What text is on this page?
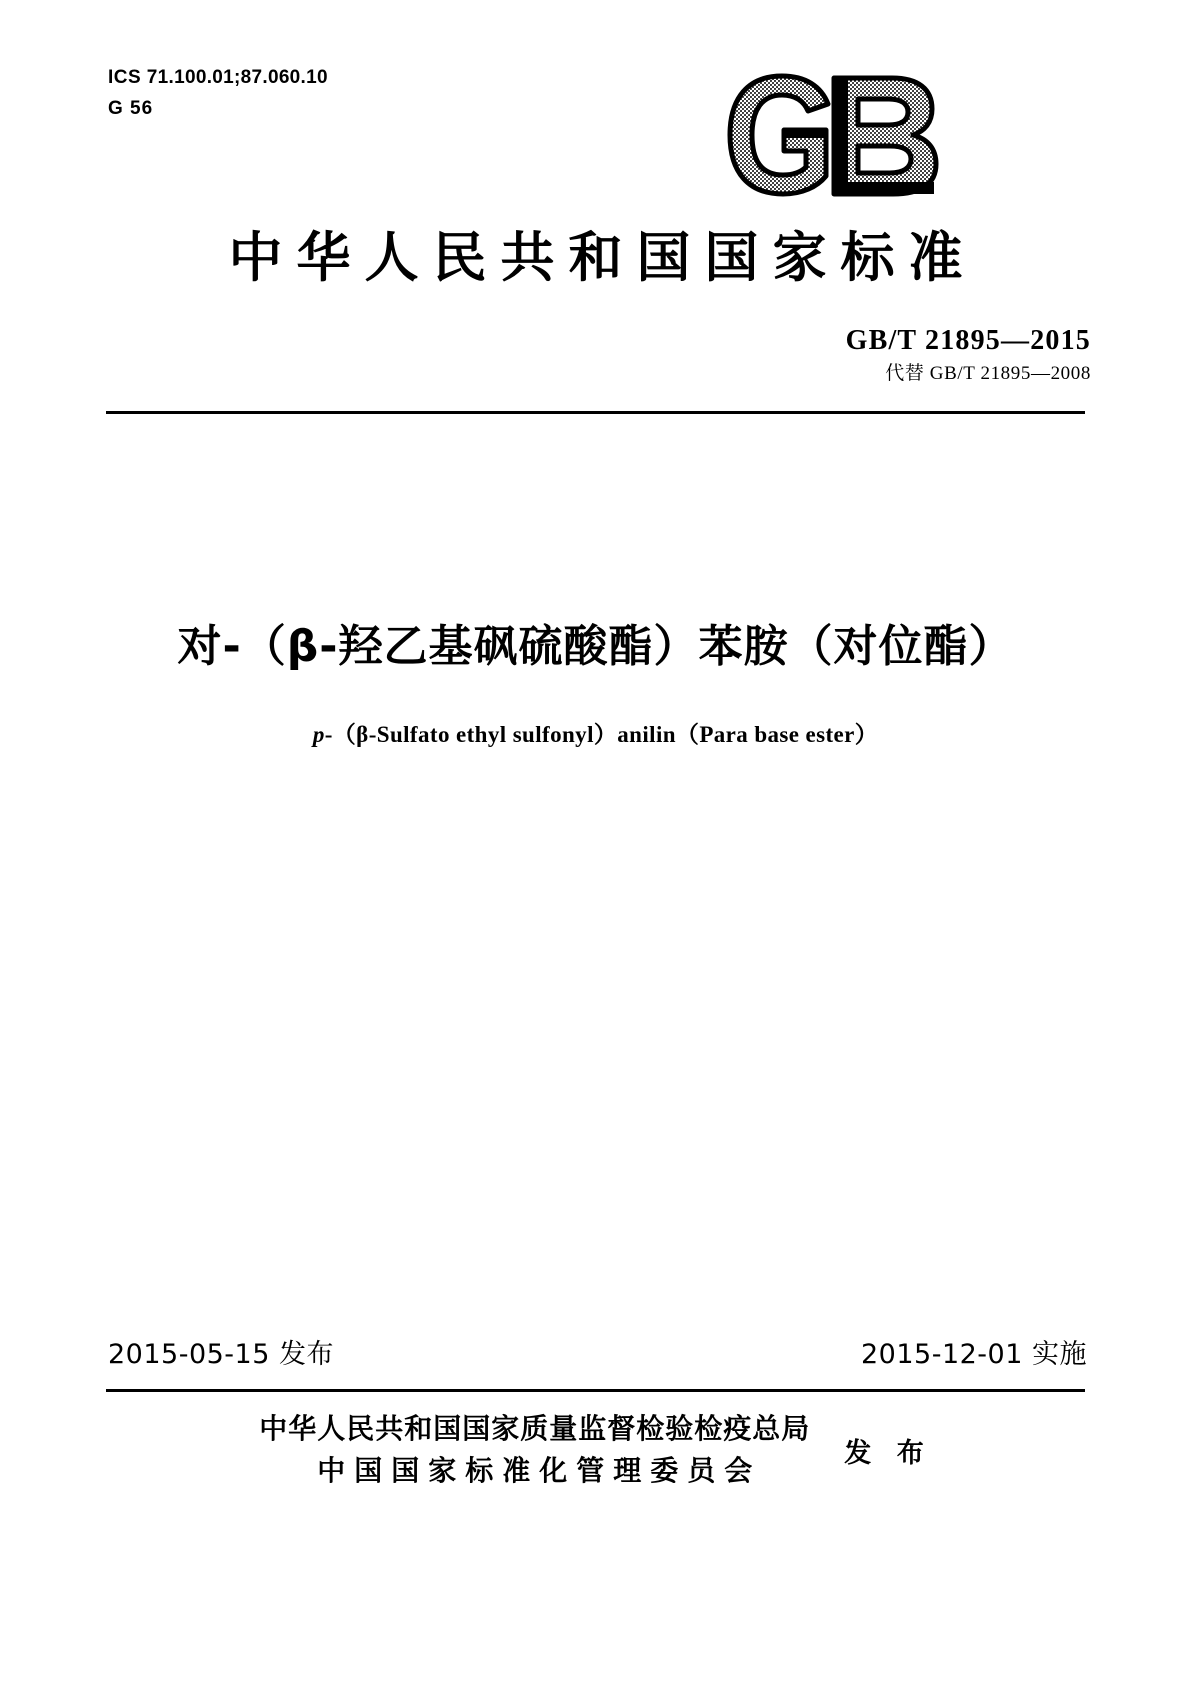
ICS 71.100.01;87.060.10
G 56
中华人民共和国国家标准
GB/T 21895—2015
代替 GB/T 21895—2008
对-（β-羟乙基砜硫酸酯）苯胺（对位酯）
p-（β-Sulfato ethyl sulfonyl）anilin（Para base ester）
2015-05-15 发布	2015-12-01 实施
中华人民共和国国家质量监督检验检疫总局
中国国家标准化管理委员会
发 布
